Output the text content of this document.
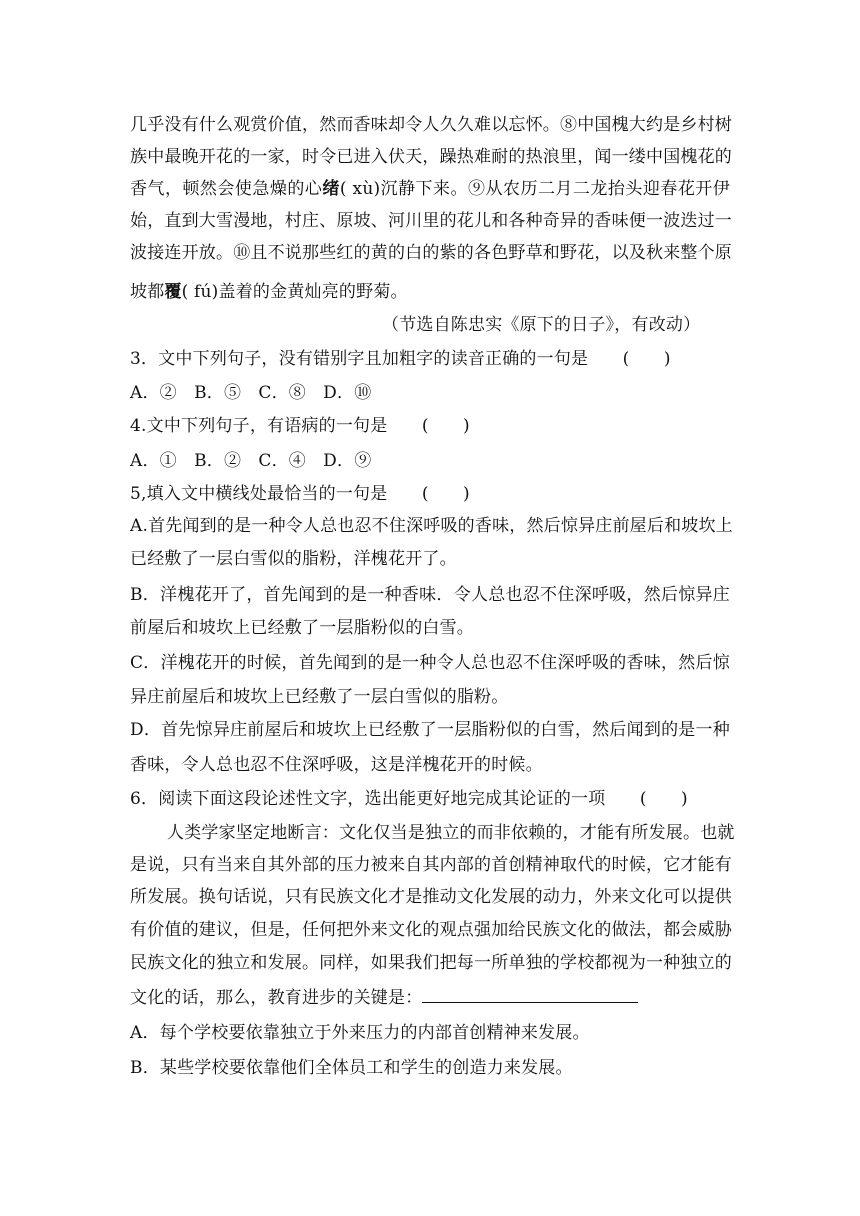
几乎没有什么观赏价值，然而香味却令人久久难以忘怀。⑧中国槐大约是乡村树
族中最晚开花的一家，时令已进入伏天，躁热难耐的热浪里，闻一缕中国槐花的
香气，顿然会使急燥的心绪( xù)沉静下来。⑨从农历二月二龙抬头迎春花开伊
始，直到大雪漫地，村庄、原坡、河川里的花儿和各种奇异的香味便一波迭过一
波接连开放。⑩且不说那些红的黄的白的紫的各色野草和野花，以及秋来整个原
坡都覆( fú)盖着的金黄灿亮的野菊。
（节选自陈忠实《原下的日子》，有改动）
3．文中下列句子，没有错别字且加粗字的读音正确的一句是　　(　　)
A．②　B．⑤　C．⑧　D．⑩
4.文中下列句子，有语病的一句是　　(　　)
A．①　B．②　C．④　D．⑨
5,填入文中横线处最恰当的一句是　　(　　)
A.首先闻到的是一种令人总也忍不住深呼吸的香味，然后惊异庄前屋后和坡坎上
已经敷了一层白雪似的脂粉，洋槐花开了。
B．洋槐花开了，首先闻到的是一种香味．令人总也忍不住深呼吸，然后惊异庄
前屋后和坡坎上已经敷了一层脂粉似的白雪。
C．洋槐花开的时候，首先闻到的是一种令人总也忍不住深呼吸的香味，然后惊
异庄前屋后和坡坎上已经敷了一层白雪似的脂粉。
D．首先惊异庄前屋后和坡坎上已经敷了一层脂粉似的白雪，然后闻到的是一种
香味，令人总也忍不住深呼吸，这是洋槐花开的时候。
6．阅读下面这段论述性文字，选出能更好地完成其论证的一项　　(　　)
人类学家坚定地断言：文化仅当是独立的而非依赖的，才能有所发展。也就
是说，只有当来自其外部的压力被来自其内部的首创精神取代的时候，它才能有
所发展。换句话说，只有民族文化才是推动文化发展的动力，外来文化可以提供
有价值的建议，但是，任何把外来文化的观点强加给民族文化的做法，都会威胁
民族文化的独立和发展。同样，如果我们把每一所单独的学校都视为一种独立的
文化的话，那么，教育进步的关键是：
A．每个学校要依靠独立于外来压力的内部首创精神来发展。
B．某些学校要依靠他们全体员工和学生的创造力来发展。
